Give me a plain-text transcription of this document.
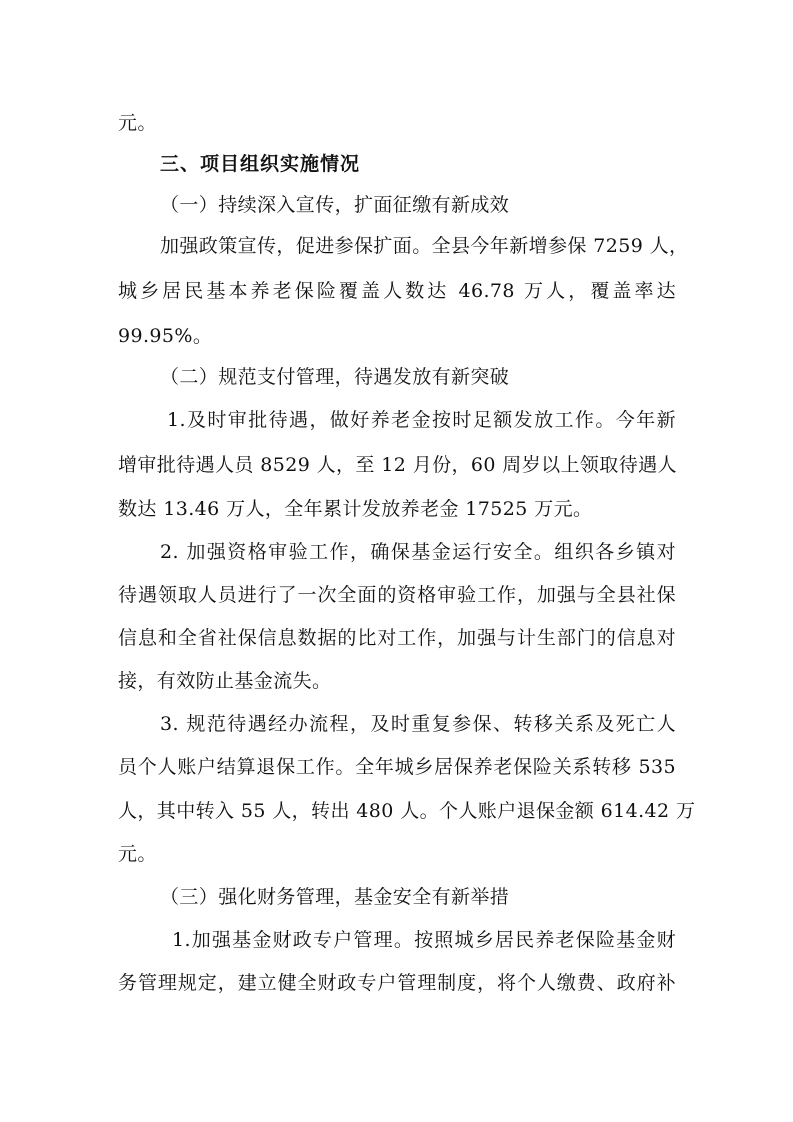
元。
三、项目组织实施情况
（一）持续深入宣传，扩面征缴有新成效
加强政策宣传，促进参保扩面。全县今年新增参保 7259 人，
城乡居民基本养老保险覆盖人数达 46.78 万人，覆盖率达
99.95%。
（二）规范支付管理，待遇发放有新突破
1.及时审批待遇，做好养老金按时足额发放工作。今年新
增审批待遇人员 8529 人，至 12 月份，60 周岁以上领取待遇人
数达 13.46 万人，全年累计发放养老金 17525 万元。
2. 加强资格审验工作，确保基金运行安全。组织各乡镇对
待遇领取人员进行了一次全面的资格审验工作，加强与全县社保
信息和全省社保信息数据的比对工作，加强与计生部门的信息对
接，有效防止基金流失。
3. 规范待遇经办流程，及时重复参保、转移关系及死亡人
员个人账户结算退保工作。全年城乡居保养老保险关系转移 535
人，其中转入 55 人，转出 480 人。个人账户退保金额 614.42 万
元。
（三）强化财务管理，基金安全有新举措
1.加强基金财政专户管理。按照城乡居民养老保险基金财
务管理规定，建立健全财政专户管理制度，将个人缴费、政府补
